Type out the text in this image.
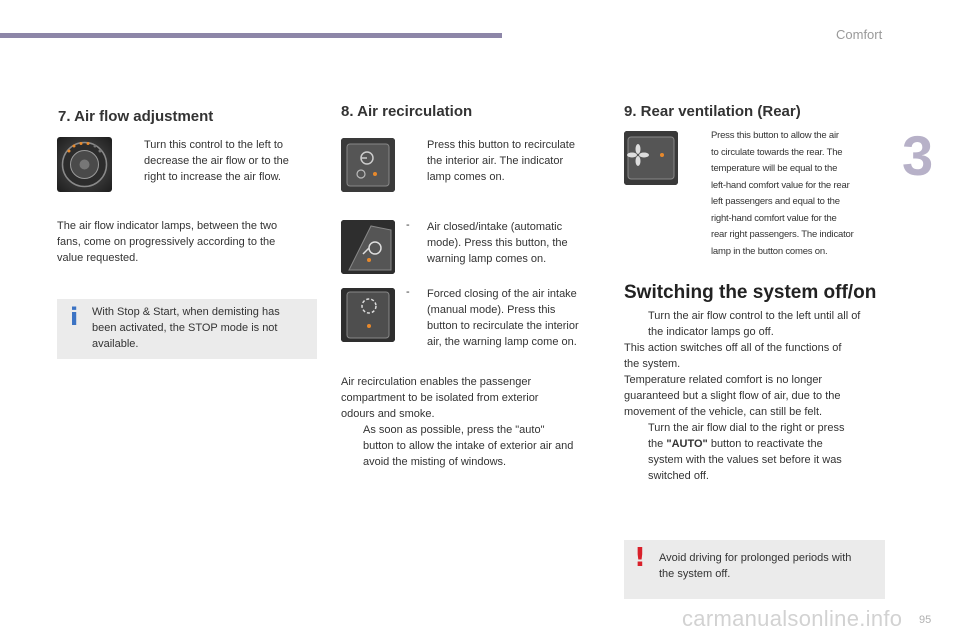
Comfort
3
7. Air flow adjustment
Turn this control to the left to
decrease the air flow or to the
right to increase the air flow.
The air flow indicator lamps, between the two
fans, come on progressively according to the
value requested.
i With Stop & Start, when demisting has
been activated, the STOP mode is not
available.
8. Air recirculation
Press this button to recirculate
the interior air. The indicator
lamp comes on.
- Air closed/intake (automatic
mode). Press this button, the
warning lamp comes on.
- Forced closing of the air intake
(manual mode). Press this
button to recirculate the interior
air, the warning lamp come on.
Air recirculation enables the passenger
compartment to be isolated from exterior
odours and smoke.
As soon as possible, press the "auto"
button to allow the intake of exterior air and
avoid the misting of windows.
9. Rear ventilation (Rear)
Press this button to allow the air
to circulate towards the rear. The
temperature will be equal to the
left-hand comfort value for the rear
left passengers and equal to the
right-hand comfort value for the
rear right passengers. The indicator
lamp in the button comes on.
Switching the system off/on
Turn the air flow control to the left until all of
the indicator lamps go off.
This action switches off all of the functions of
the system.
Temperature related comfort is no longer
guaranteed but a slight flow of air, due to the
movement of the vehicle, can still be felt.
Turn the air flow dial to the right or press
the "AUTO" button to reactivate the
system with the values set before it was
switched off.
! Avoid driving for prolonged periods with
the system off.
carmanualsonline.info 95
